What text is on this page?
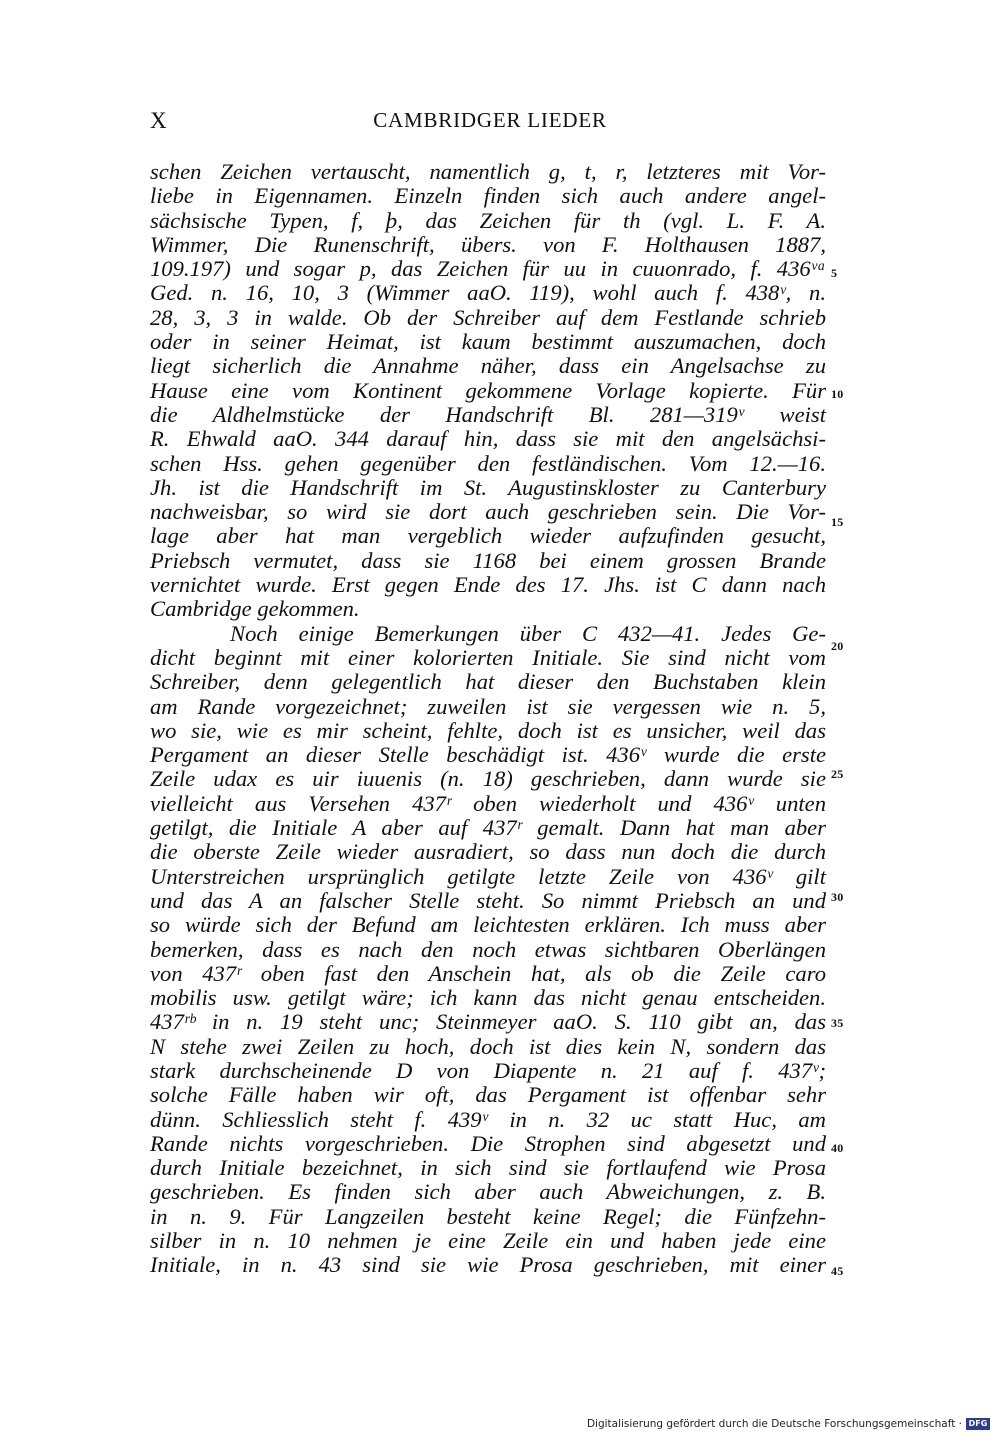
X	CAMBRIDGER LIEDER
schen Zeichen vertauscht, namentlich g, t, r, letzteres mit Vor-
liebe in Eigennamen. Einzeln finden sich auch andere angel-
sächsische Typen, f, þ, das Zeichen für th (vgl. L. F. A.
Wimmer, Die Runenschrift, übers. von F. Holthausen 1887,
109.197) und sogar p, das Zeichen für uu in cuuonrado, f. 436ᵛᵃ
Ged. n. 16, 10, 3 (Wimmer aaO. 119), wohl auch f. 438ᵛ, n.
28, 3, 3 in walde. Ob der Schreiber auf dem Festlande schrieb
oder in seiner Heimat, ist kaum bestimmt auszumachen, doch
liegt sicherlich die Annahme näher, dass ein Angelsachse zu
Hause eine vom Kontinent gekommene Vorlage kopierte. Für
die Aldhelmstücke der Handschrift Bl. 281—319ᵛ weist
R. Ehwald aaO. 344 darauf hin, dass sie mit den angelsächsi-
schen Hss. gehen gegenüber den festländischen. Vom 12.—16.
Jh. ist die Handschrift im St. Augustinskloster zu Canterbury
nachweisbar, so wird sie dort auch geschrieben sein. Die Vor-
lage aber hat man vergeblich wieder aufzufinden gesucht,
Priebsch vermutet, dass sie 1168 bei einem grossen Brande
vernichtet wurde. Erst gegen Ende des 17. Jhs. ist C dann nach
Cambridge gekommen.
Noch einige Bemerkungen über C 432—41. Jedes Ge-
dicht beginnt mit einer kolorierten Initiale. Sie sind nicht vom
Schreiber, denn gelegentlich hat dieser den Buchstaben klein
am Rande vorgezeichnet; zuweilen ist sie vergessen wie n. 5,
wo sie, wie es mir scheint, fehlte, doch ist es unsicher, weil das
Pergament an dieser Stelle beschädigt ist. 436ᵛ wurde die erste
Zeile udax es uir iuuenis (n. 18) geschrieben, dann wurde sie
vielleicht aus Versehen 437ʳ oben wiederholt und 436ᵛ unten
getilgt, die Initiale A aber auf 437ʳ gemalt. Dann hat man aber
die oberste Zeile wieder ausradiert, so dass nun doch die durch
Unterstreichen ursprünglich getilgte letzte Zeile von 436ᵛ gilt
und das A an falscher Stelle steht. So nimmt Priebsch an und
so würde sich der Befund am leichtesten erklären. Ich muss aber
bemerken, dass es nach den noch etwas sichtbaren Oberlängen
von 437ʳ oben fast den Anschein hat, als ob die Zeile caro
mobilis usw. getilgt wäre; ich kann das nicht genau entscheiden.
437ʳᵇ in n. 19 steht unc; Steinmeyer aaO. S. 110 gibt an, das
N stehe zwei Zeilen zu hoch, doch ist dies kein N, sondern das
stark durchscheinende D von Diapente n. 21 auf f. 437ᵛ;
solche Fälle haben wir oft, das Pergament ist offenbar sehr
dünn. Schliesslich steht f. 439ᵛ in n. 32 uc statt Huc, am
Rande nichts vorgeschrieben. Die Strophen sind abgesetzt und
durch Initiale bezeichnet, in sich sind sie fortlaufend wie Prosa
geschrieben. Es finden sich aber auch Abweichungen, z. B.
in n. 9. Für Langzeilen besteht keine Regel; die Fünfzehn-
silber in n. 10 nehmen je eine Zeile ein und haben jede eine
Initiale, in n. 43 sind sie wie Prosa geschrieben, mit einer
5
10
15
20
25
30
35
40
45
Digitalisierung gefördert durch die Deutsche Forschungsgemeinschaft · DFG
